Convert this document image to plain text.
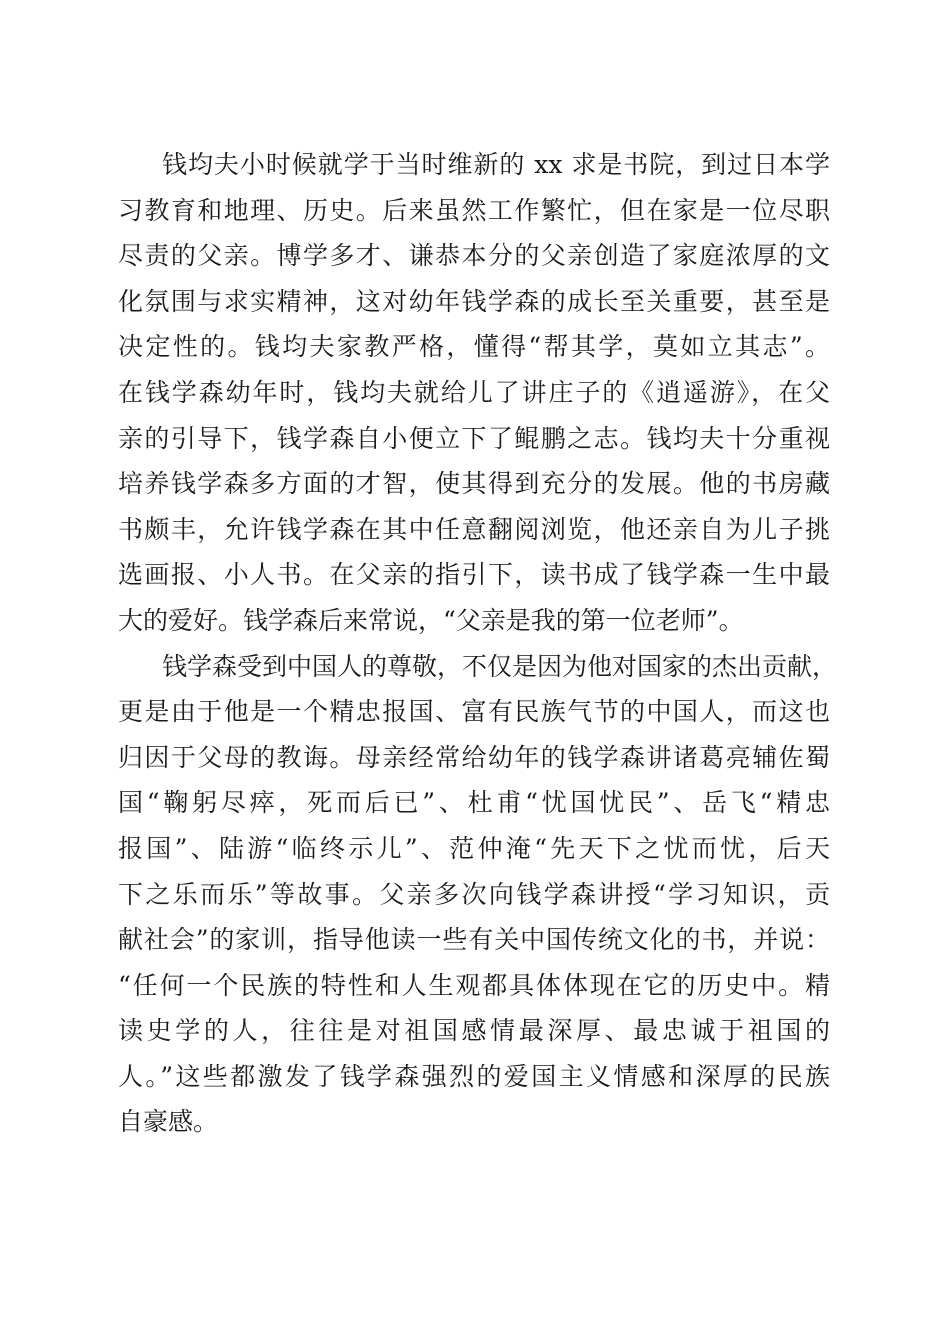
钱均夫小时候就学于当时维新的 xx 求是书院，到过日本学
习教育和地理、历史。后来虽然工作繁忙，但在家是一位尽职
尽责的父亲。博学多才、谦恭本分的父亲创造了家庭浓厚的文
化氛围与求实精神，这对幼年钱学森的成长至关重要，甚至是
决定性的。钱均夫家教严格，懂得“帮其学，莫如立其志”。
在钱学森幼年时，钱均夫就给儿了讲庄子的《逍遥游》，在父
亲的引导下，钱学森自小便立下了鲲鹏之志。钱均夫十分重视
培养钱学森多方面的才智，使其得到充分的发展。他的书房藏
书颇丰，允许钱学森在其中任意翻阅浏览，他还亲自为儿子挑
选画报、小人书。在父亲的指引下，读书成了钱学森一生中最
大的爱好。钱学森后来常说，“父亲是我的第一位老师”。
钱学森受到中国人的尊敬，不仅是因为他对国家的杰出贡献，
更是由于他是一个精忠报国、富有民族气节的中国人，而这也
归因于父母的教诲。母亲经常给幼年的钱学森讲诸葛亮辅佐蜀
国“鞠躬尽瘁，死而后已”、杜甫“忧国忧民”、岳飞“精忠
报国”、陆游“临终示儿”、范仲淹“先天下之忧而忧，后天
下之乐而乐”等故事。父亲多次向钱学森讲授“学习知识，贡
献社会”的家训，指导他读一些有关中国传统文化的书，并说：
“任何一个民族的特性和人生观都具体体现在它的历史中。精
读史学的人，往往是对祖国感情最深厚、最忠诚于祖国的
人。”这些都激发了钱学森强烈的爱国主义情感和深厚的民族
自豪感。
